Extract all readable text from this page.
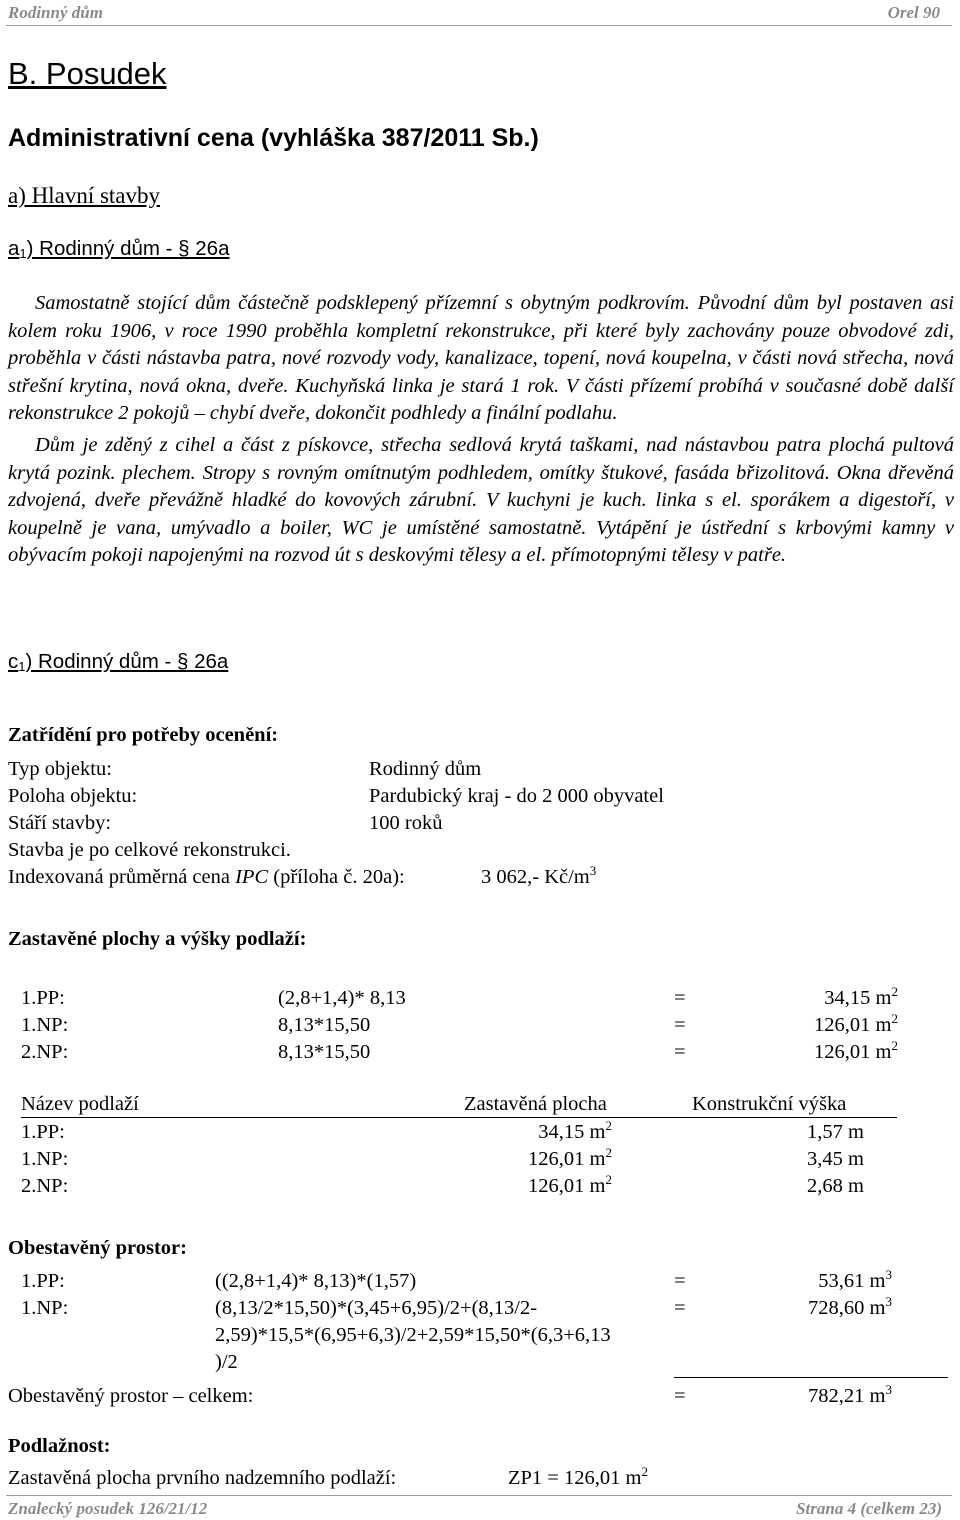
Rodinný dům	Orel 90
B. Posudek
Administrativní cena (vyhláška 387/2011 Sb.)
a) Hlavní stavby
$a_1$) Rodinný dům - § 26a

Samostatně stojící dům částečně podsklepený přízemní s obytným podkrovím. Původní dům byl postaven asi kolem roku 1906, v roce 1990 proběhla kompletní rekonstrukce, při které byly zachovány pouze obvodové zdi, proběhla v části nástavba patra, nové rozvody vody, kanalizace, topení, nová koupelna, v části nová střecha, nová střešní krytina, nová okna, dveře. Kuchyňská linka je stará 1 rok. V části přízemí probíhá v současné době další rekonstrukce 2 pokojů – chybí dveře, dokončit podhledy a finální podlahu.

Dům je zděný z cihel a část z pískovce, střecha sedlová krytá taškami, nad nástavbou patra plochá pultová krytá pozink. plechem. Stropy s rovným omítnutým podhledem, omítky štukové, fasáda břizolitová. Okna dřevěná zdvojená, dveře převážně hladké do kovových zárubní. V kuchyni je kuch. linka s el. sporákem a digestoří, v koupelně je vana, umývadlo a boiler, WC je umístěné samostatně. Vytápění je ústřední s krbovými kamny v obývacím pokoji napojenými na rozvod út s deskovými tělesy a el. přímotopnými tělesy v patře.

$c_1$) Rodinný dům - § 26a
Zatřídění pro potřeby ocenění:
Typ objektu:	Rodinný dům
Poloha objektu:	Pardubický kraj - do 2 000 obyvatel
Stáří stavby:	100 roků
Stavba je po celkové rekonstrukci.
Indexovaná průměrná cena IPC (příloha č. 20a):	3 062,- $Kč/m^3$
Zastavěné plochy a výšky podlaží:
1.PP:	(2,8+1,4)* 8,13	=	34,15 $m^2$
1.NP:	8,13*15,50	=	126,01 $m^2$
2.NP:	8,13*15,50	=	126,01 $m^2$
Název podlaží	Zastavěná plocha	Konstrukční výška
1.PP:	34,15 $m^2$	1,57 m
1.NP:	126,01 $m^2$	3,45 m
2.NP:	126,01 $m^2$	2,68 m
Obestavěný prostor:
1.PP:	((2,8+1,4)* 8,13)*(1,57)	=	53,61 $m^3$
1.NP:	(8,13/2*15,50)*(3,45+6,95)/2+(8,13/2-
2,59)*15,5*(6,95+6,3)/2+2,59*15,50*(6,3+6,13
)/2
=	728,60 $m^3$
Obestavěný prostor – celkem:	=	782,21 $m^3$
Podlažnost:
Zastavěná plocha prvního nadzemního podlaží:	ZP1 = 126,01 $m^2$
Znalecký posudek 126/21/12	Strana 4 (celkem 23)
